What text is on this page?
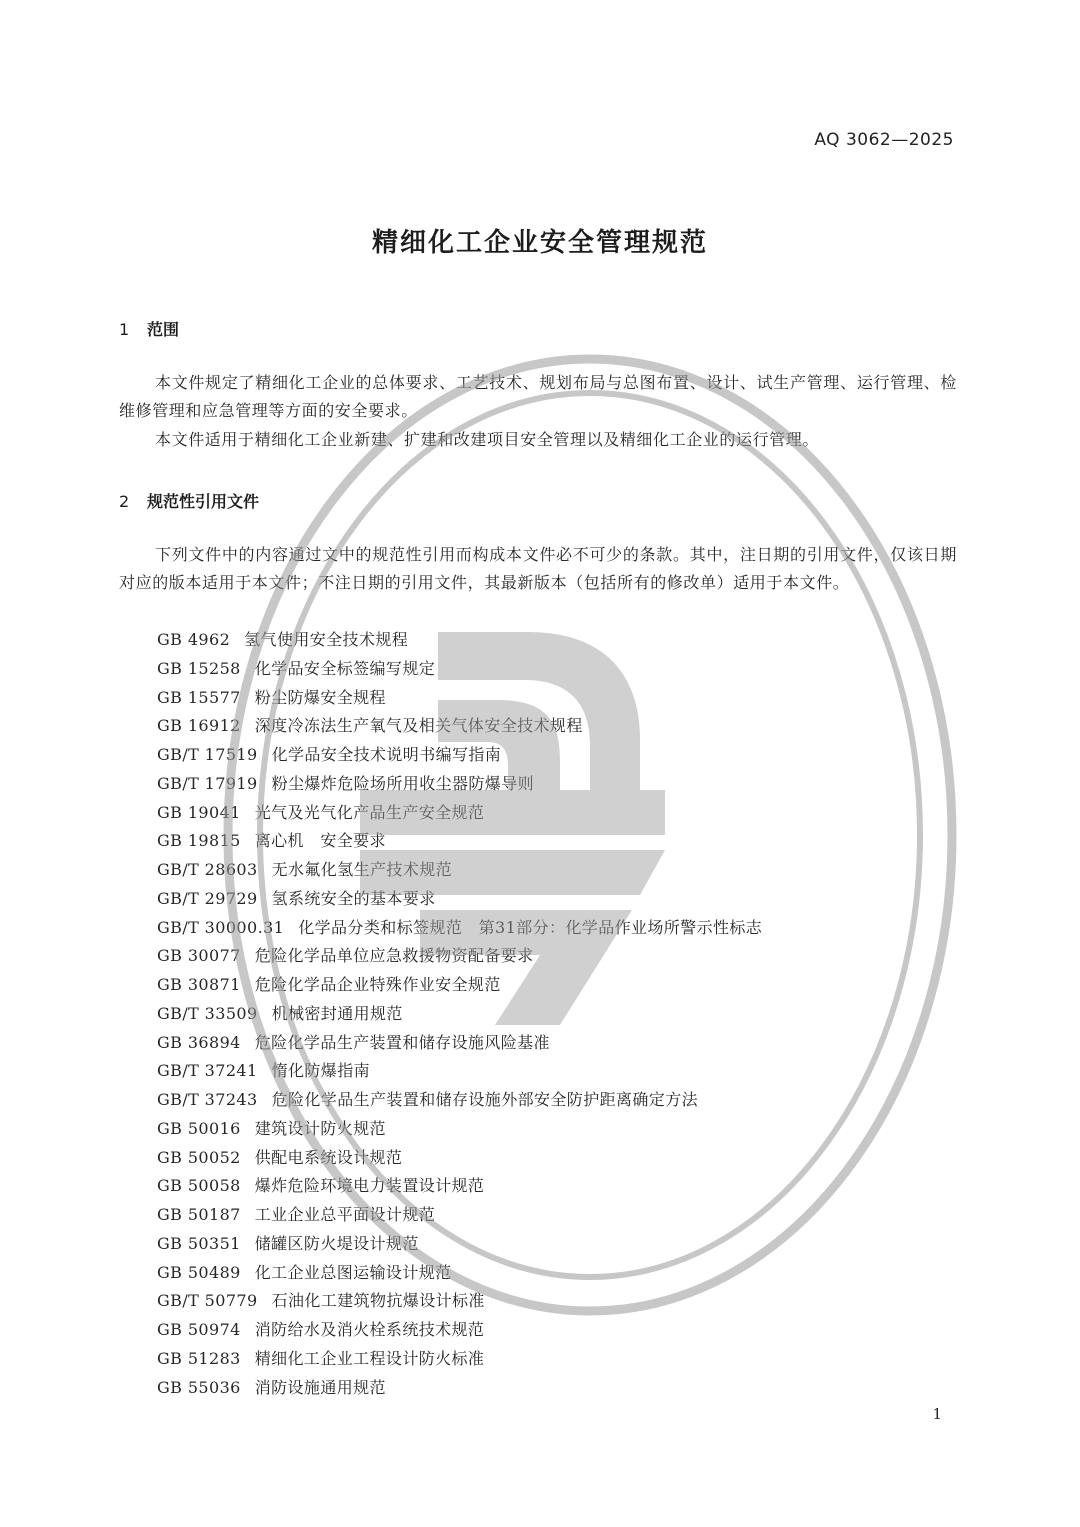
AQ 3062—2025
精细化工企业安全管理规范
1 范围
本文件规定了精细化工企业的总体要求、工艺技术、规划布局与总图布置、设计、试生产管理、运行管理、检维修管理和应急管理等方面的安全要求。
本文件适用于精细化工企业新建、扩建和改建项目安全管理以及精细化工企业的运行管理。
2 规范性引用文件
下列文件中的内容通过文中的规范性引用而构成本文件必不可少的条款。其中，注日期的引用文件，仅该日期对应的版本适用于本文件；不注日期的引用文件，其最新版本（包括所有的修改单）适用于本文件。
GB 4962 氢气使用安全技术规程
GB 15258 化学品安全标签编写规定
GB 15577 粉尘防爆安全规程
GB 16912 深度冷冻法生产氧气及相关气体安全技术规程
GB/T 17519 化学品安全技术说明书编写指南
GB/T 17919 粉尘爆炸危险场所用收尘器防爆导则
GB 19041 光气及光气化产品生产安全规范
GB 19815 离心机　安全要求
GB/T 28603 无水氟化氢生产技术规范
GB/T 29729 氢系统安全的基本要求
GB/T 30000.31 化学品分类和标签规范　第31部分：化学品作业场所警示性标志
GB 30077 危险化学品单位应急救援物资配备要求
GB 30871 危险化学品企业特殊作业安全规范
GB/T 33509 机械密封通用规范
GB 36894 危险化学品生产装置和储存设施风险基准
GB/T 37241 惰化防爆指南
GB/T 37243 危险化学品生产装置和储存设施外部安全防护距离确定方法
GB 50016 建筑设计防火规范
GB 50052 供配电系统设计规范
GB 50058 爆炸危险环境电力装置设计规范
GB 50187 工业企业总平面设计规范
GB 50351 储罐区防火堤设计规范
GB 50489 化工企业总图运输设计规范
GB/T 50779 石油化工建筑物抗爆设计标准
GB 50974 消防给水及消火栓系统技术规范
GB 51283 精细化工企业工程设计防火标准
GB 55036 消防设施通用规范
1
